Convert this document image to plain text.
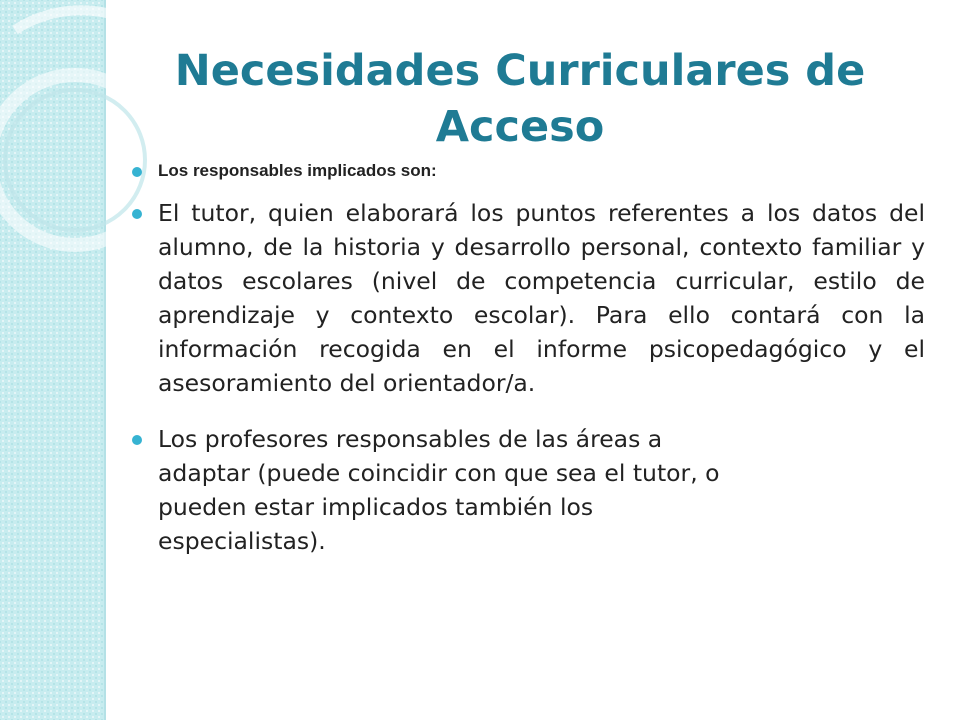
Necesidades Curriculares de Acceso

Los responsables implicados son:

El tutor, quien elaborará los puntos referentes a los datos del alumno, de la historia y desarrollo personal, contexto familiar y datos escolares (nivel de competencia curricular, estilo de aprendizaje y contexto escolar). Para ello contará con la información recogida en el informe psicopedagógico y el asesoramiento del orientador/a.

Los profesores responsables de las áreas a adaptar (puede coincidir con que sea el tutor, o pueden estar implicados también los especialistas).
